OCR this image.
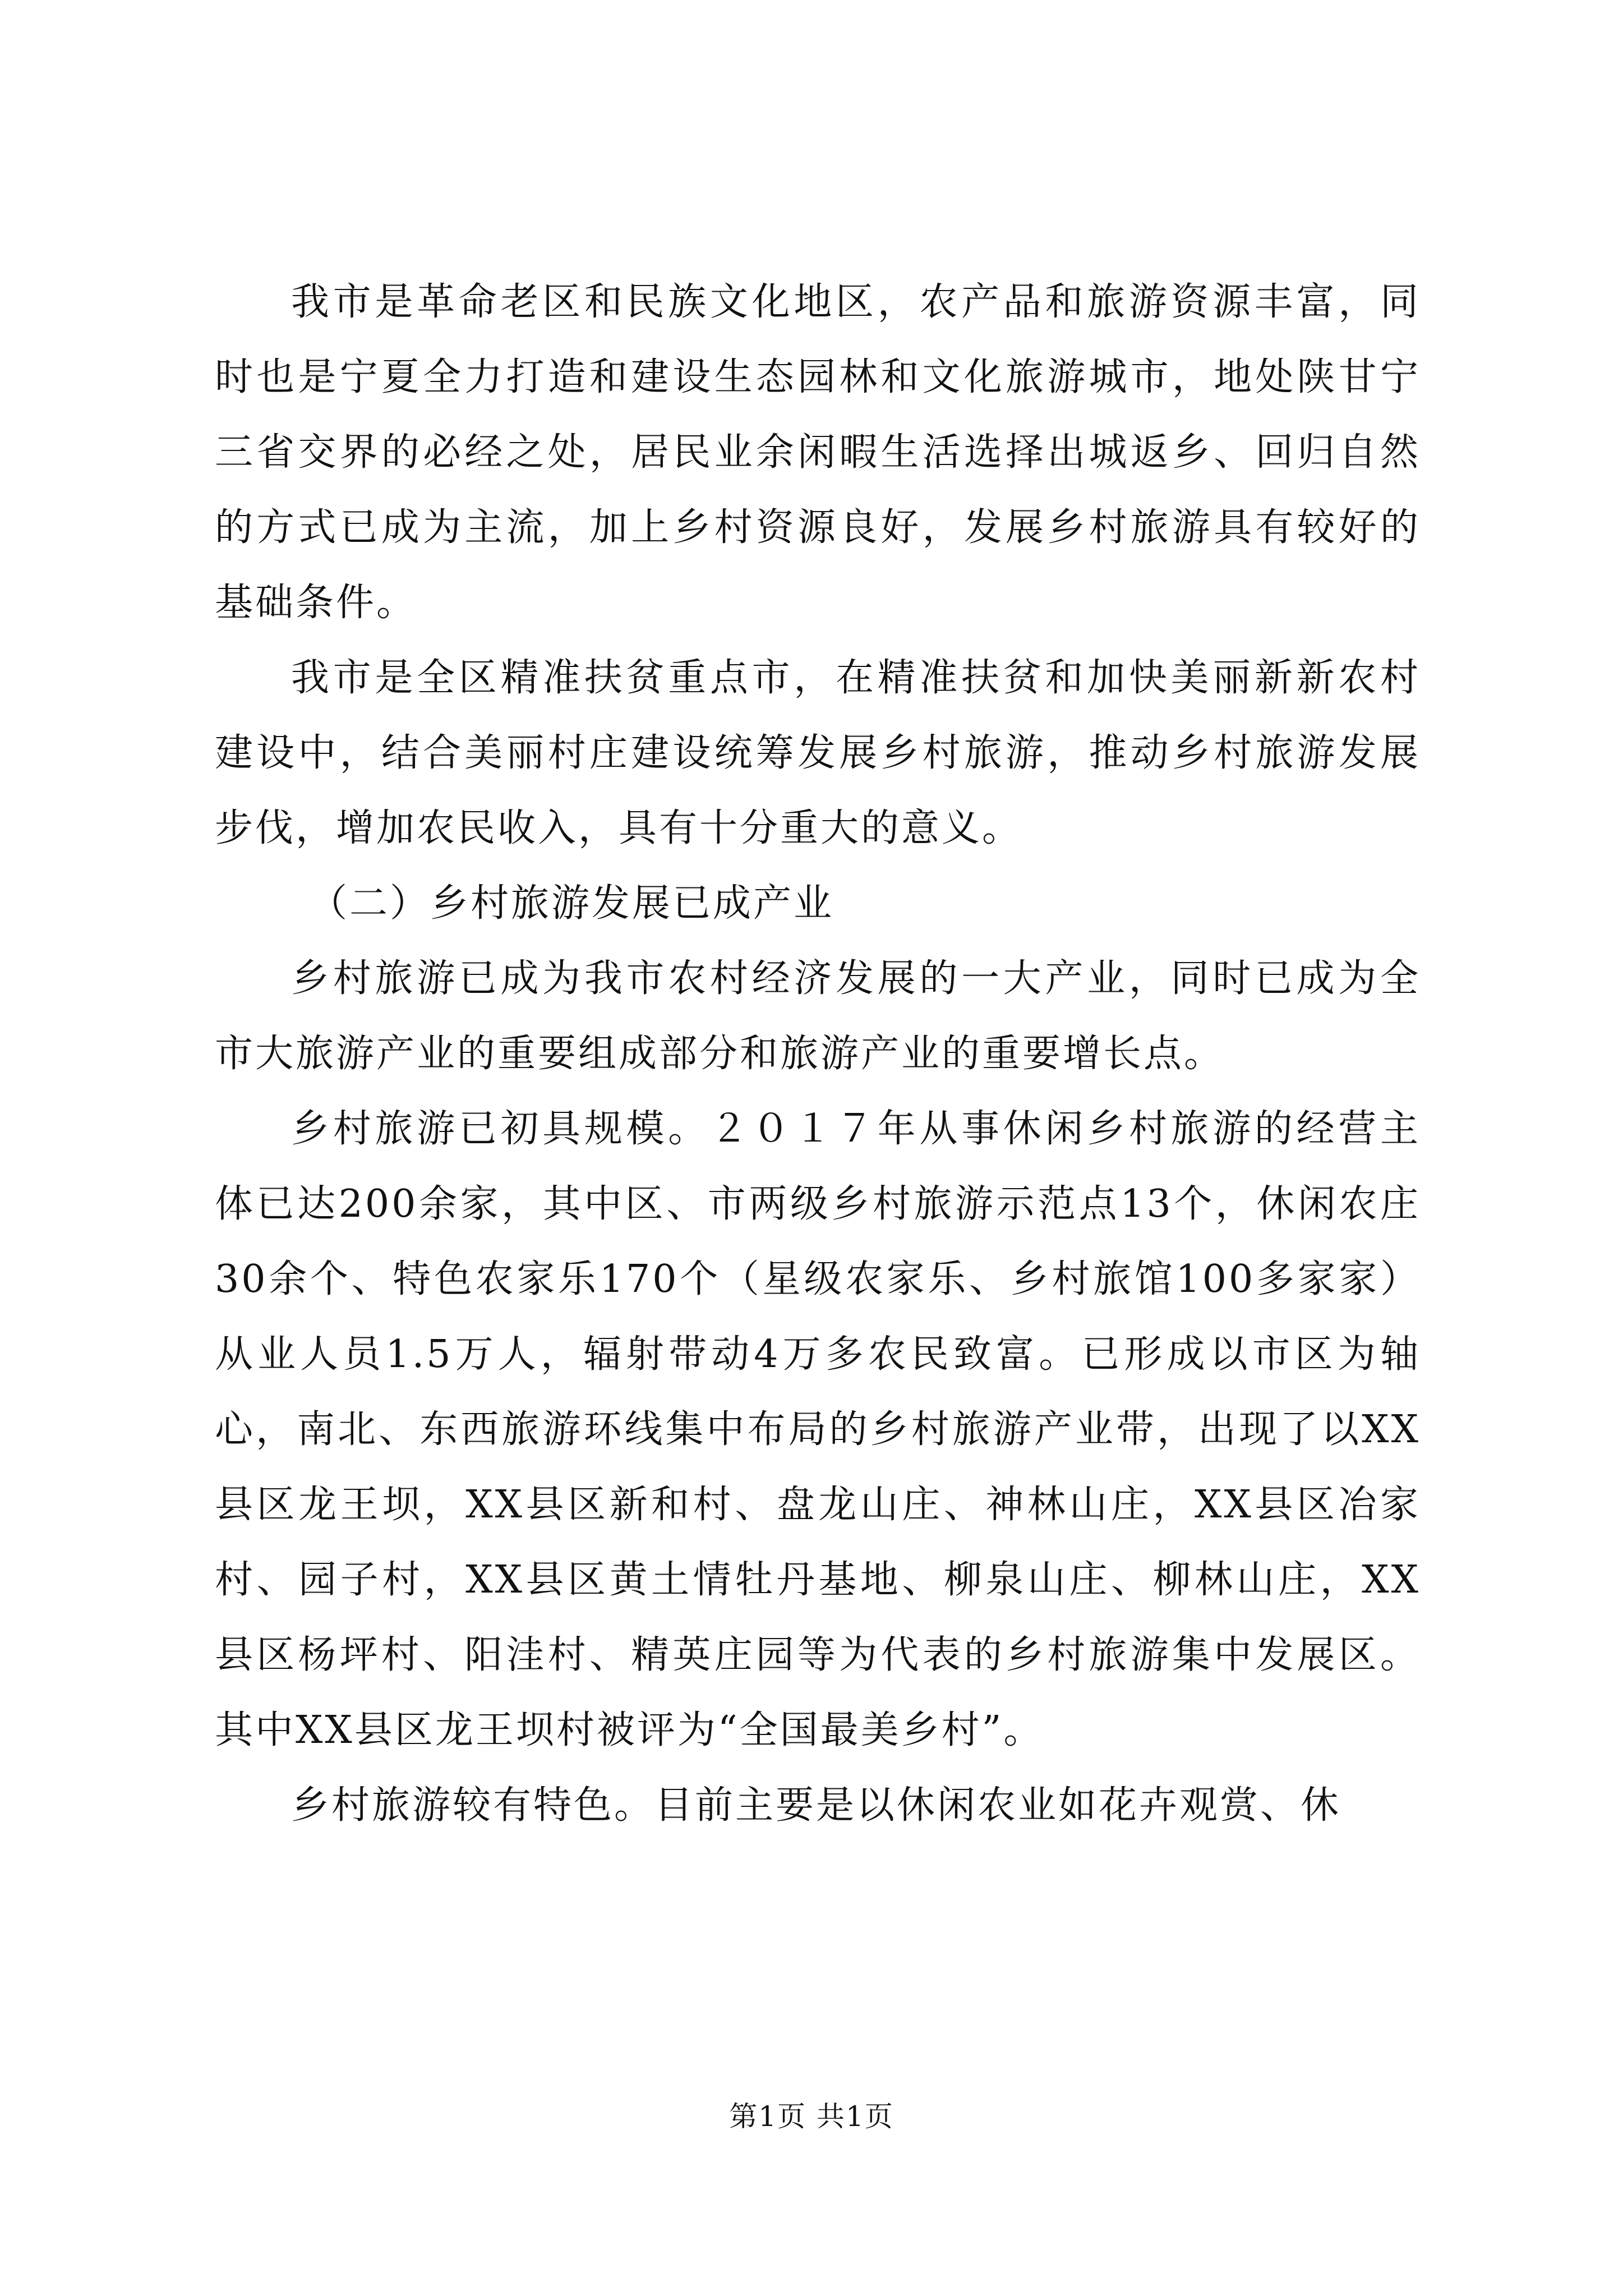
我市是革命老区和民族文化地区，农产品和旅游资源丰富，同时也是宁夏全力打造和建设生态园林和文化旅游城市，地处陕甘宁三省交界的必经之处，居民业余闲暇生活选择出城返乡、回归自然的方式已成为主流，加上乡村资源良好，发展乡村旅游具有较好的基础条件。

我市是全区精准扶贫重点市，在精准扶贫和加快美丽新新农村建设中，结合美丽村庄建设统筹发展乡村旅游，推动乡村旅游发展步伐，增加农民收入，具有十分重大的意义。

（二）乡村旅游发展已成产业

乡村旅游已成为我市农村经济发展的一大产业，同时已成为全市大旅游产业的重要组成部分和旅游产业的重要增长点。

乡村旅游已初具规模。２０１７年从事休闲乡村旅游的经营主体已达200余家，其中区、市两级乡村旅游示范点13个，休闲农庄30余个、特色农家乐170个（星级农家乐、乡村旅馆100多家家）从业人员1.5万人，辐射带动4万多农民致富。已形成以市区为轴心，南北、东西旅游环线集中布局的乡村旅游产业带，出现了以XX县区龙王坝，XX县区新和村、盘龙山庄、神林山庄，XX县区冶家村、园子村，XX县区黄土情牡丹基地、柳泉山庄、柳林山庄，XX县区杨坪村、阳洼村、精英庄园等为代表的乡村旅游集中发展区。其中XX县区龙王坝村被评为“全国最美乡村”。

乡村旅游较有特色。目前主要是以休闲农业如花卉观赏、休

第1页 共1页
